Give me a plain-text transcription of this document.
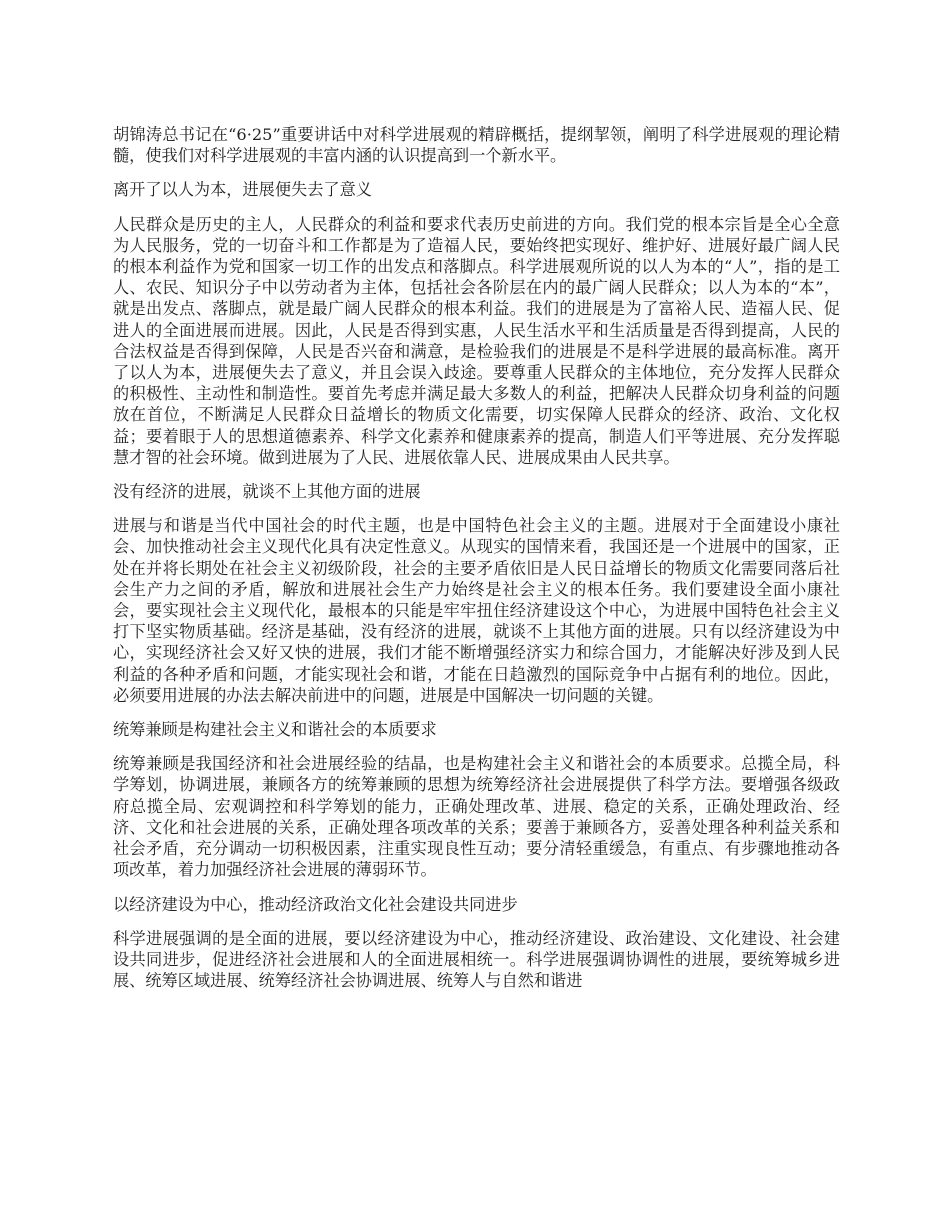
胡锦涛总书记在“6·25”重要讲话中对科学进展观的精辟概括，提纲挈领，阐明了科学进展观的理论精髓，使我们对科学进展观的丰富内涵的认识提高到一个新水平。

离开了以人为本，进展便失去了意义

人民群众是历史的主人，人民群众的利益和要求代表历史前进的方向。我们党的根本宗旨是全心全意为人民服务，党的一切奋斗和工作都是为了造福人民，要始终把实现好、维护好、进展好最广阔人民的根本利益作为党和国家一切工作的出发点和落脚点。科学进展观所说的以人为本的“人”，指的是工人、农民、知识分子中以劳动者为主体，包括社会各阶层在内的最广阔人民群众；以人为本的“本”，就是出发点、落脚点，就是最广阔人民群众的根本利益。我们的进展是为了富裕人民、造福人民、促进人的全面进展而进展。因此，人民是否得到实惠，人民生活水平和生活质量是否得到提高，人民的合法权益是否得到保障，人民是否兴奋和满意，是检验我们的进展是不是科学进展的最高标准。离开了以人为本，进展便失去了意义，并且会误入歧途。要尊重人民群众的主体地位，充分发挥人民群众的积极性、主动性和制造性。要首先考虑并满足最大多数人的利益，把解决人民群众切身利益的问题放在首位，不断满足人民群众日益增长的物质文化需要，切实保障人民群众的经济、政治、文化权益；要着眼于人的思想道德素养、科学文化素养和健康素养的提高，制造人们平等进展、充分发挥聪慧才智的社会环境。做到进展为了人民、进展依靠人民、进展成果由人民共享。

没有经济的进展，就谈不上其他方面的进展

进展与和谐是当代中国社会的时代主题，也是中国特色社会主义的主题。进展对于全面建设小康社会、加快推动社会主义现代化具有决定性意义。从现实的国情来看，我国还是一个进展中的国家，正处在并将长期处在社会主义初级阶段，社会的主要矛盾依旧是人民日益增长的物质文化需要同落后社会生产力之间的矛盾，解放和进展社会生产力始终是社会主义的根本任务。我们要建设全面小康社会，要实现社会主义现代化，最根本的只能是牢牢扭住经济建设这个中心，为进展中国特色社会主义打下坚实物质基础。经济是基础，没有经济的进展，就谈不上其他方面的进展。只有以经济建设为中心，实现经济社会又好又快的进展，我们才能不断增强经济实力和综合国力，才能解决好涉及到人民利益的各种矛盾和问题，才能实现社会和谐，才能在日趋激烈的国际竞争中占据有利的地位。因此，必须要用进展的办法去解决前进中的问题，进展是中国解决一切问题的关键。

统筹兼顾是构建社会主义和谐社会的本质要求

统筹兼顾是我国经济和社会进展经验的结晶，也是构建社会主义和谐社会的本质要求。总揽全局，科学筹划，协调进展，兼顾各方的统筹兼顾的思想为统筹经济社会进展提供了科学方法。要增强各级政府总揽全局、宏观调控和科学筹划的能力，正确处理改革、进展、稳定的关系，正确处理政治、经济、文化和社会进展的关系，正确处理各项改革的关系；要善于兼顾各方，妥善处理各种利益关系和社会矛盾，充分调动一切积极因素，注重实现良性互动；要分清轻重缓急，有重点、有步骤地推动各项改革，着力加强经济社会进展的薄弱环节。

以经济建设为中心，推动经济政治文化社会建设共同进步

科学进展强调的是全面的进展，要以经济建设为中心，推动经济建设、政治建设、文化建设、社会建设共同进步，促进经济社会进展和人的全面进展相统一。科学进展强调协调性的进展，要统筹城乡进展、统筹区域进展、统筹经济社会协调进展、统筹人与自然和谐进
